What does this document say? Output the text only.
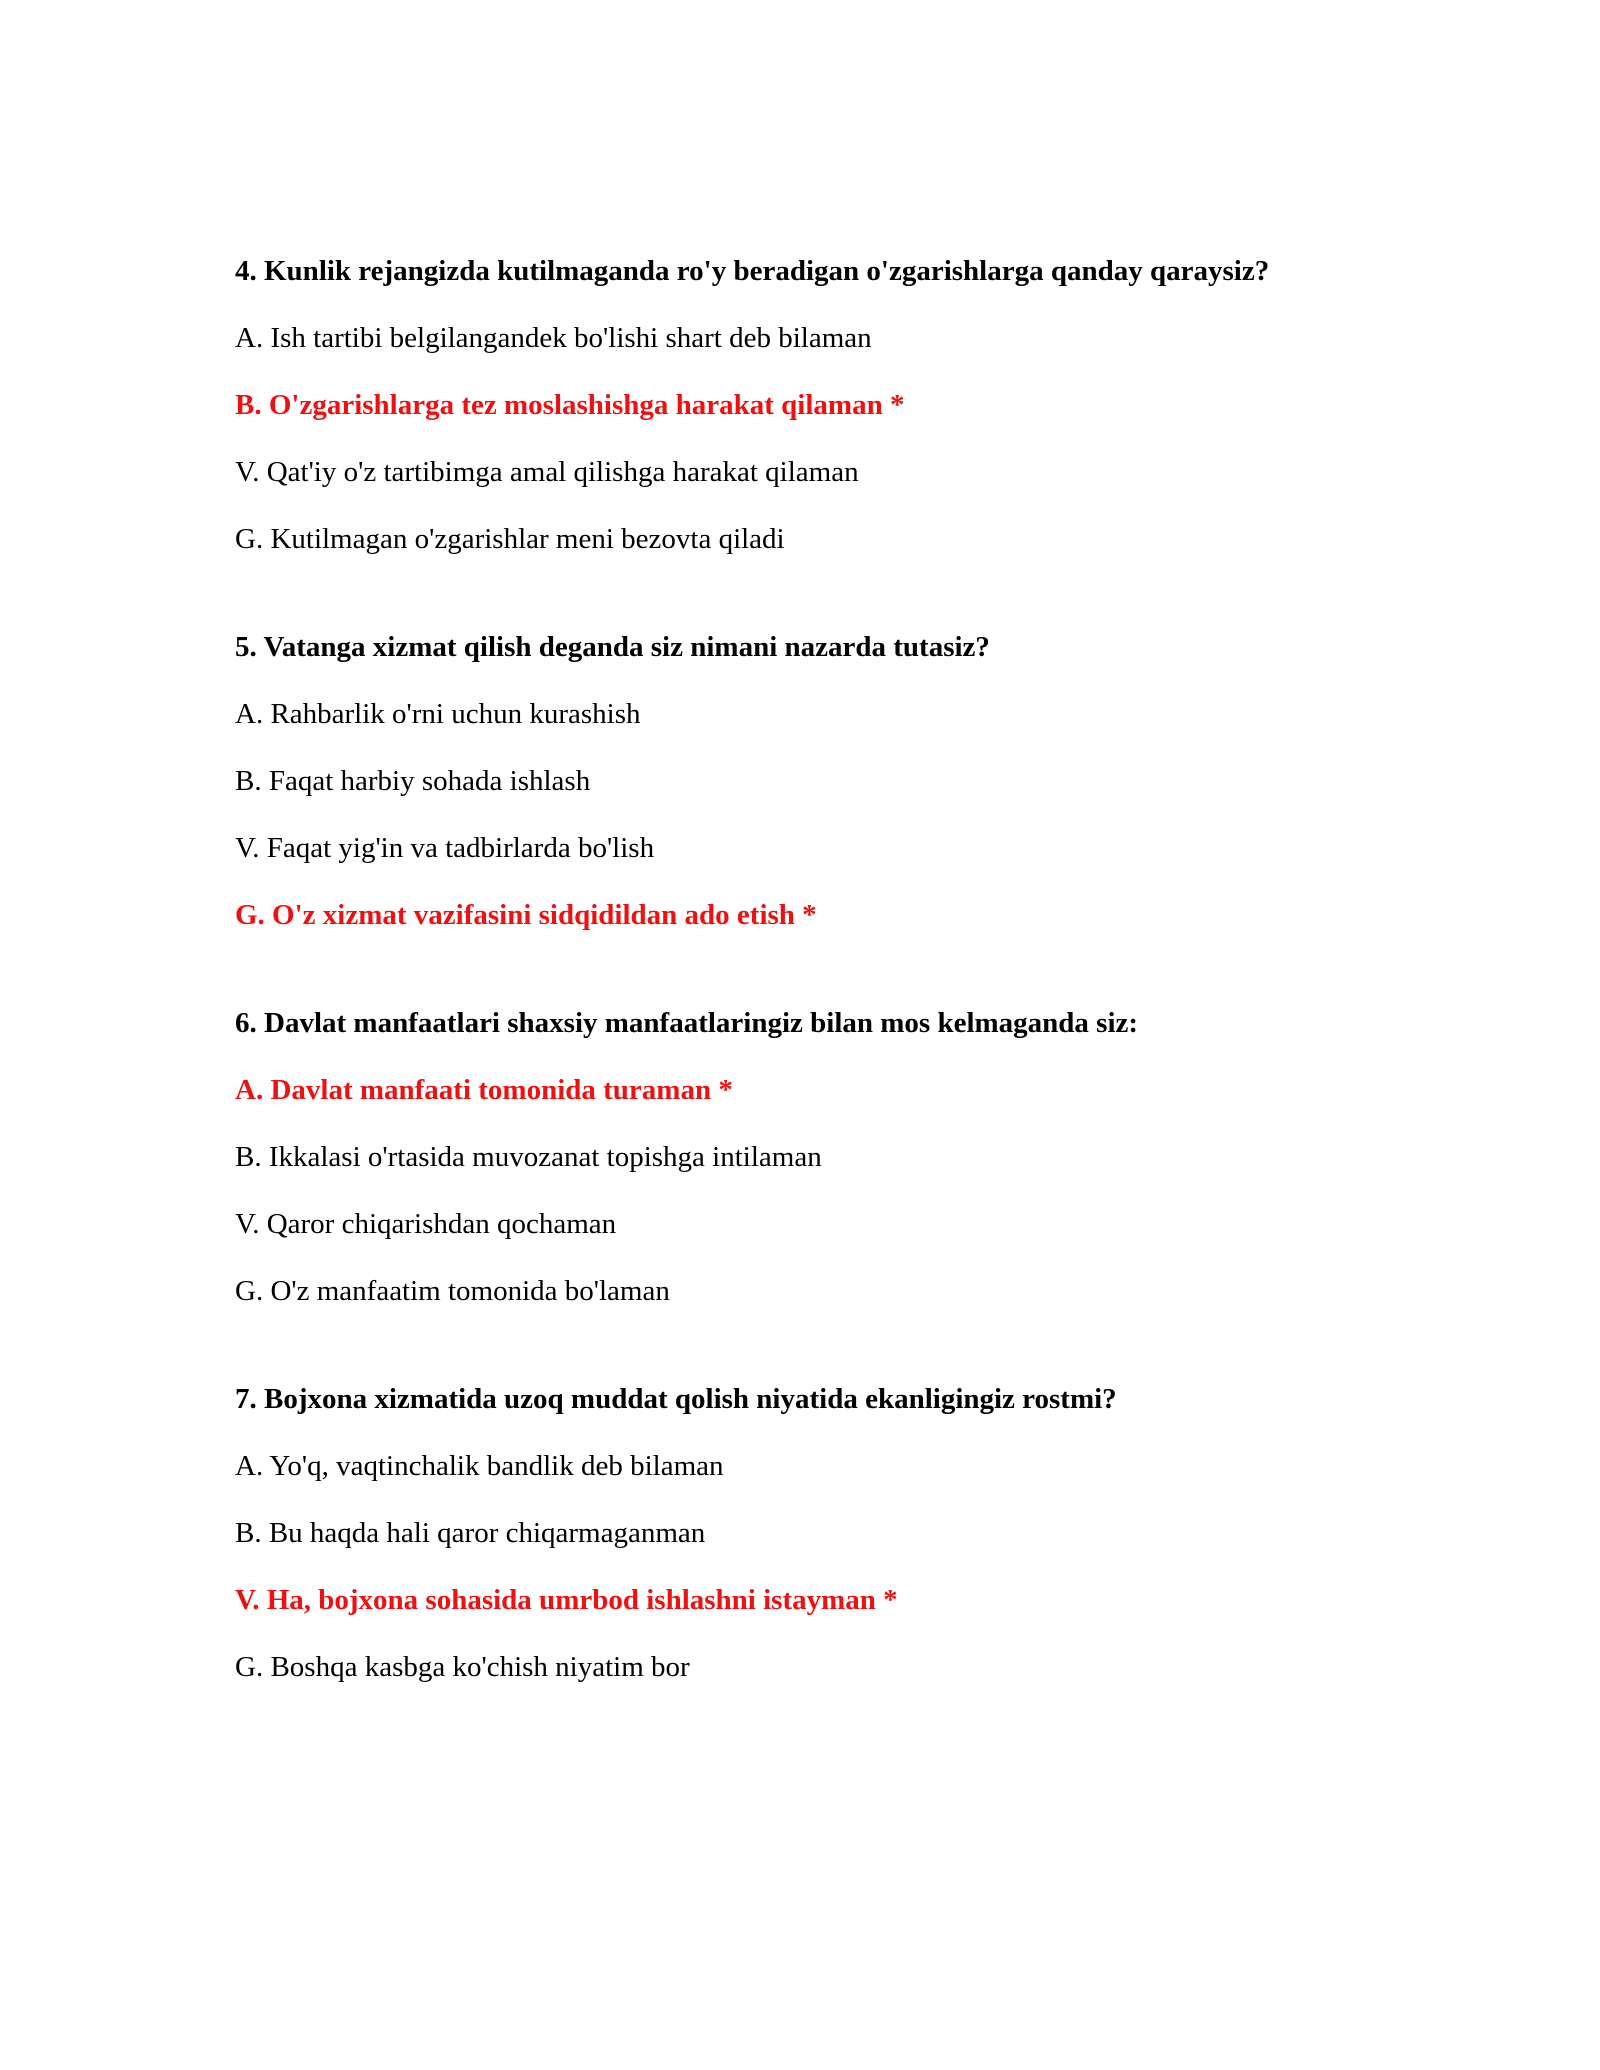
4. Kunlik rejangizda kutilmaganda ro'y beradigan o'zgarishlarga qanday qaraysiz?
A. Ish tartibi belgilangandek bo'lishi shart deb bilaman
B. O'zgarishlarga tez moslashishga harakat qilaman *
V. Qat'iy o'z tartibimga amal qilishga harakat qilaman
G. Kutilmagan o'zgarishlar meni bezovta qiladi
5. Vatanga xizmat qilish deganda siz nimani nazarda tutasiz?
A. Rahbarlik o'rni uchun kurashish
B. Faqat harbiy sohada ishlash
V. Faqat yig'in va tadbirlarda bo'lish
G. O'z xizmat vazifasini sidqidildan ado etish *
6. Davlat manfaatlari shaxsiy manfaatlaringiz bilan mos kelmaganda siz:
A. Davlat manfaati tomonida turaman *
B. Ikkalasi o'rtasida muvozanat topishga intilaman
V. Qaror chiqarishdan qochaman
G. O'z manfaatim tomonida bo'laman
7. Bojxona xizmatida uzoq muddat qolish niyatida ekanligingiz rostmi?
A. Yo'q, vaqtinchalik bandlik deb bilaman
B. Bu haqda hali qaror chiqarmaganman
V. Ha, bojxona sohasida umrbod ishlashni istayman *
G. Boshqa kasbga ko'chish niyatim bor
